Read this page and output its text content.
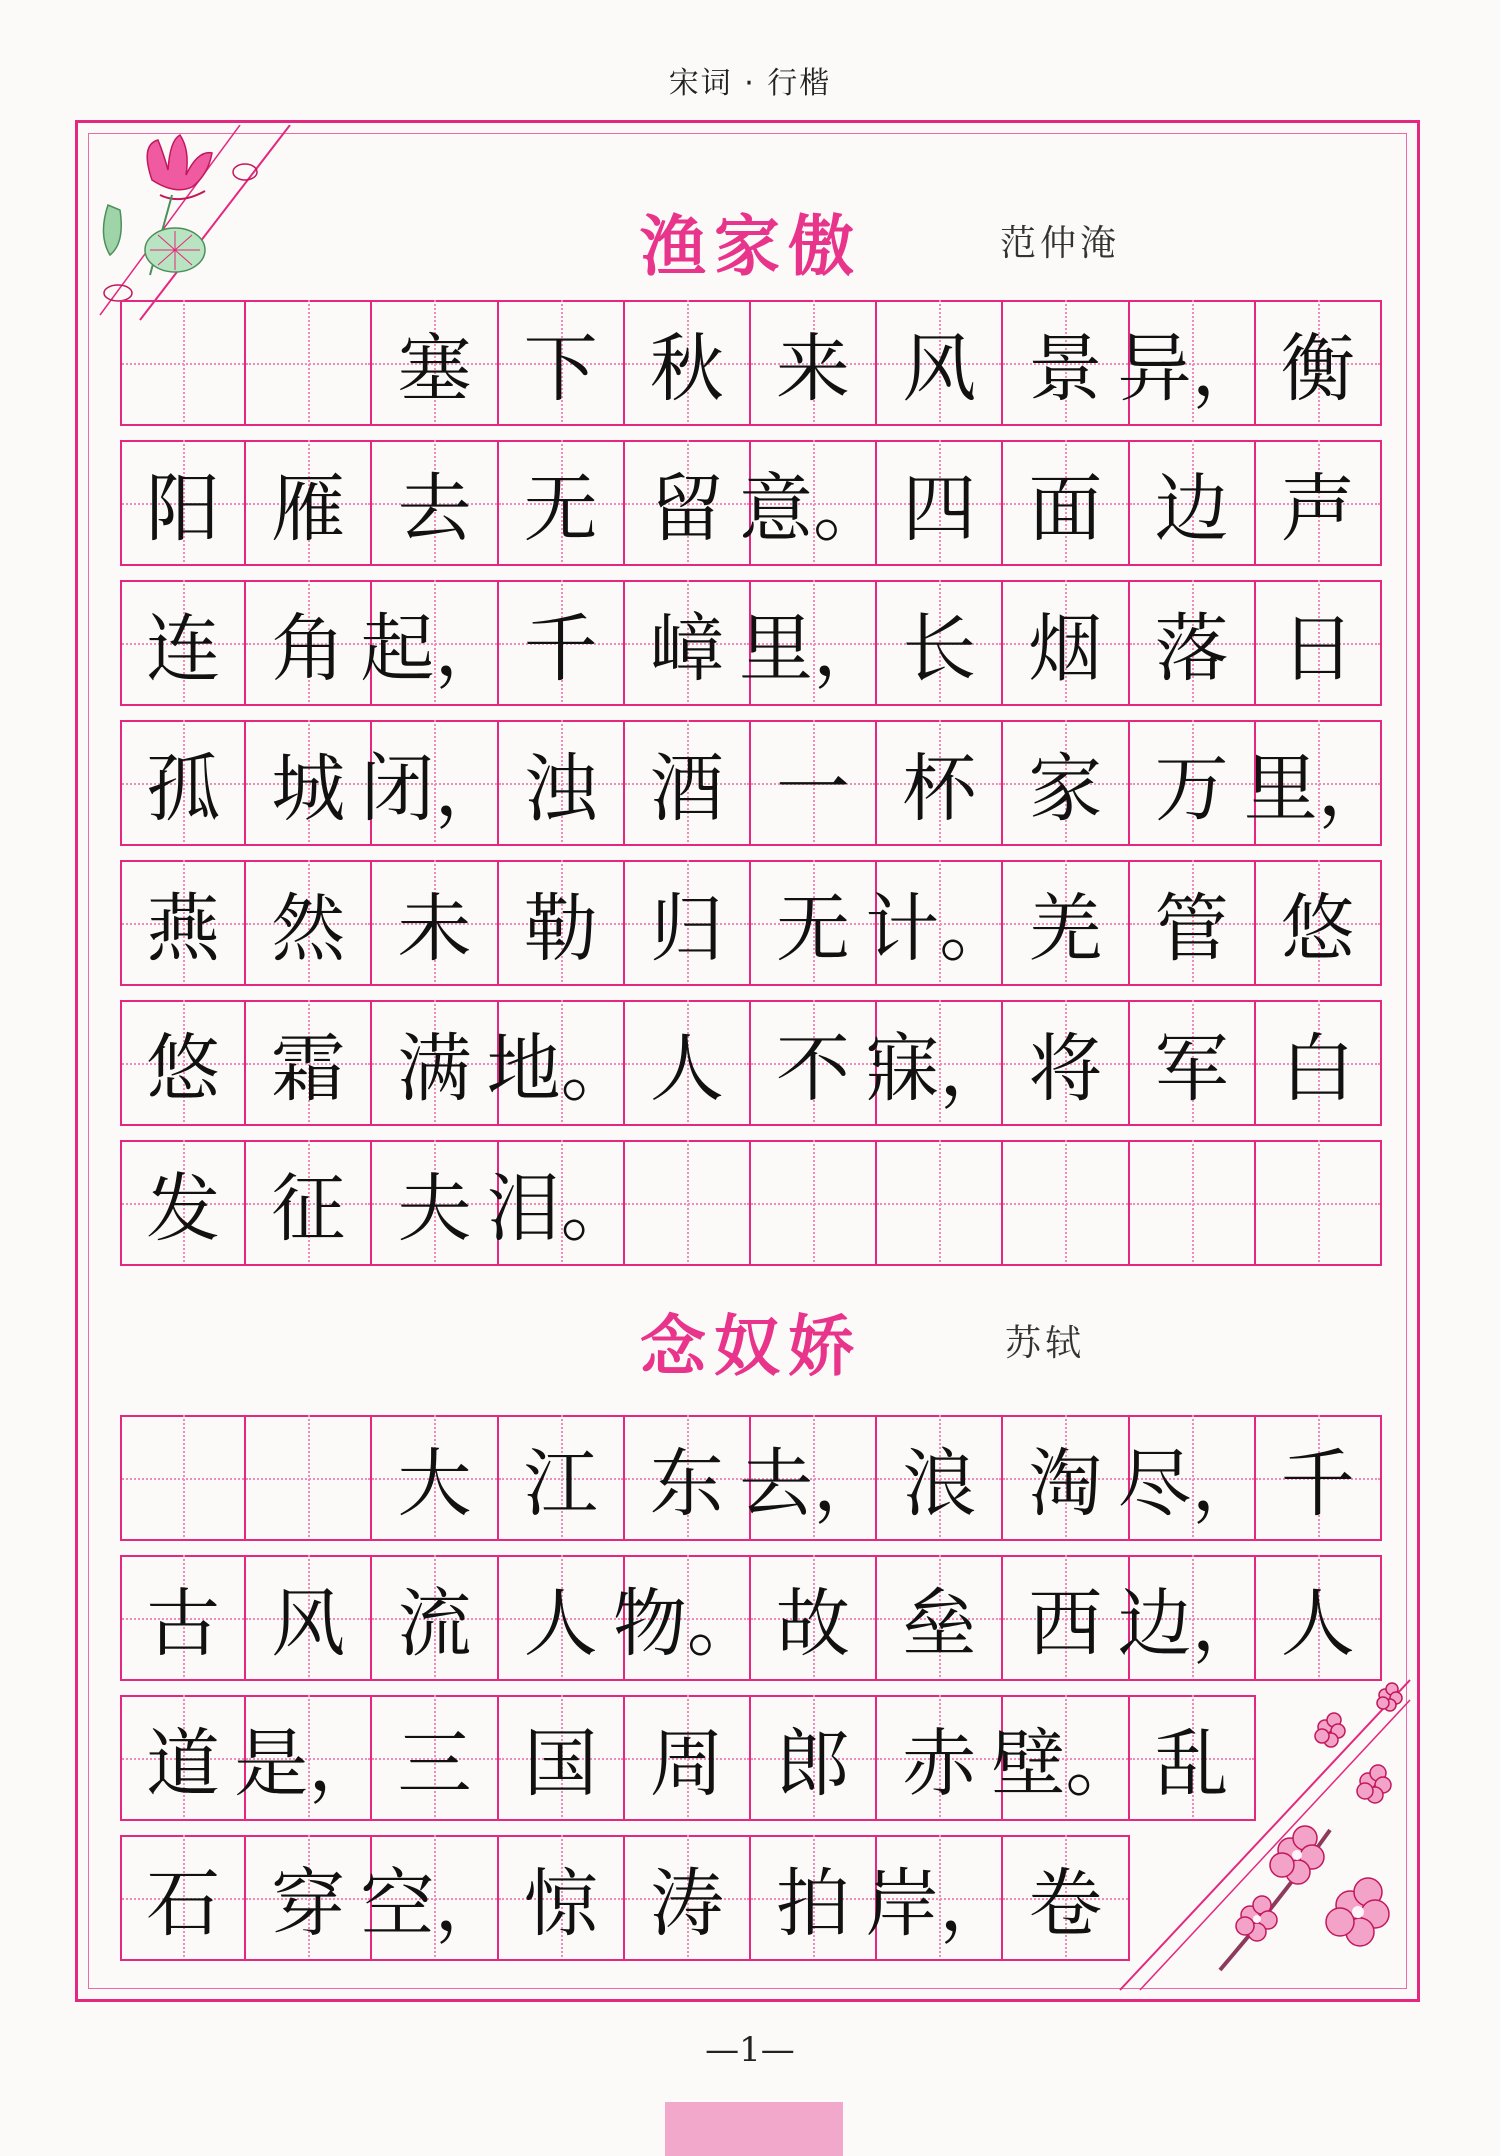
宋词 · 行楷
渔家傲	范仲淹
塞 下 秋 来 风 景 异， 衡
阳 雁 去 无 留 意。 四 面 边 声
连 角 起， 千 嶂 里， 长 烟 落 日
孤 城 闭， 浊 酒 一 杯 家 万 里，
燕 然 未 勒 归 无 计。 羌 管 悠
悠 霜 满 地。 人 不 寐， 将 军 白
发 征 夫 泪。
念奴娇	苏轼
大 江 东 去， 浪 淘 尽， 千
古 风 流 人 物。 故 垒 西 边， 人
道 是， 三 国 周 郎 赤 壁。 乱
石 穿 空， 惊 涛 拍 岸， 卷
—1—
